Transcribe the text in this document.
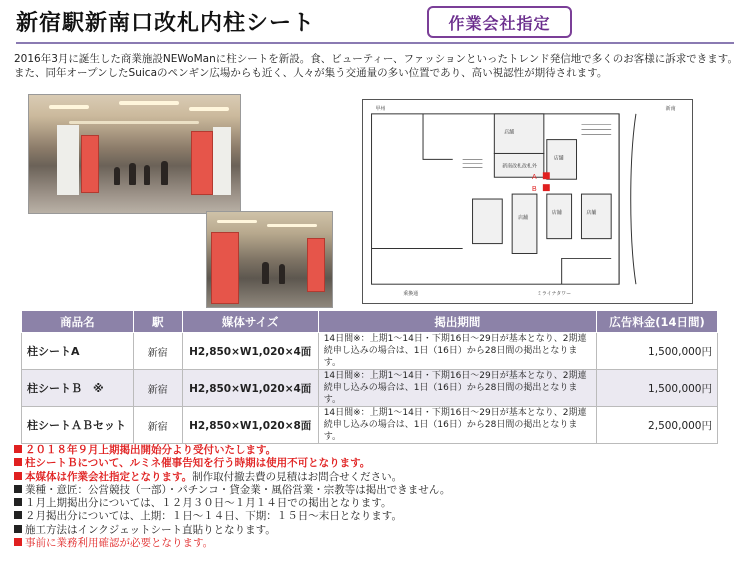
新宿駅新南口改札内柱シート	作業会社指定

2016年3月に誕生した商業施設NEWoManに柱シートを新設。食、ビューティー、ファッションといったトレンド発信地で多くのお客様に訴求できます。また、同年オープンしたSuicaのペンギン広場からも近く、人々が集う交通量の多い位置であり、高い視認性が期待されます。

A
B
甲州	新南
店舗
新南改札改札外
店舗
店舗
店舗	店舗
乗換通	ミライナタワー
商品名	駅	媒体サイズ	掲出期間	広告料金(14日間)
柱シートA	新宿	H2,850×W1,020×4面	14日間※：上期1～14日・下期16日～29日が基本となり、2期連続申し込みの場合は、1日（16日）から28日間の掲出となります。	1,500,000円
柱シートＢ　※	新宿	H2,850×W1,020×4面	14日間※：上期1～14日・下期16日～29日が基本となり、2期連続申し込みの場合は、1日（16日）から28日間の掲出となります。	1,500,000円
柱シートＡＢセット	新宿	H2,850×W1,020×8面	14日間※：上期1～14日・下期16日～29日が基本となり、2期連続申し込みの場合は、1日（16日）から28日間の掲出となります。	2,500,000円
２０１８年９月上期掲出開始分より受付いたします。
柱シートＢについて、ルミネ催事告知を行う時期は使用不可となります。
本媒体は作業会社指定となります。制作取付撤去費の見積はお問合せください。
業種・意匠：公営競技（一部）・パチンコ・貸金業・風俗営業・宗教等は掲出できません。
１月上期掲出分については、１２月３０日～１月１４日での掲出となります。
２月掲出分については、上期：１日～１４日、下期：１５日～末日となります。
施工方法はインクジェットシート直貼りとなります。
事前に業務利用確認が必要となります。
